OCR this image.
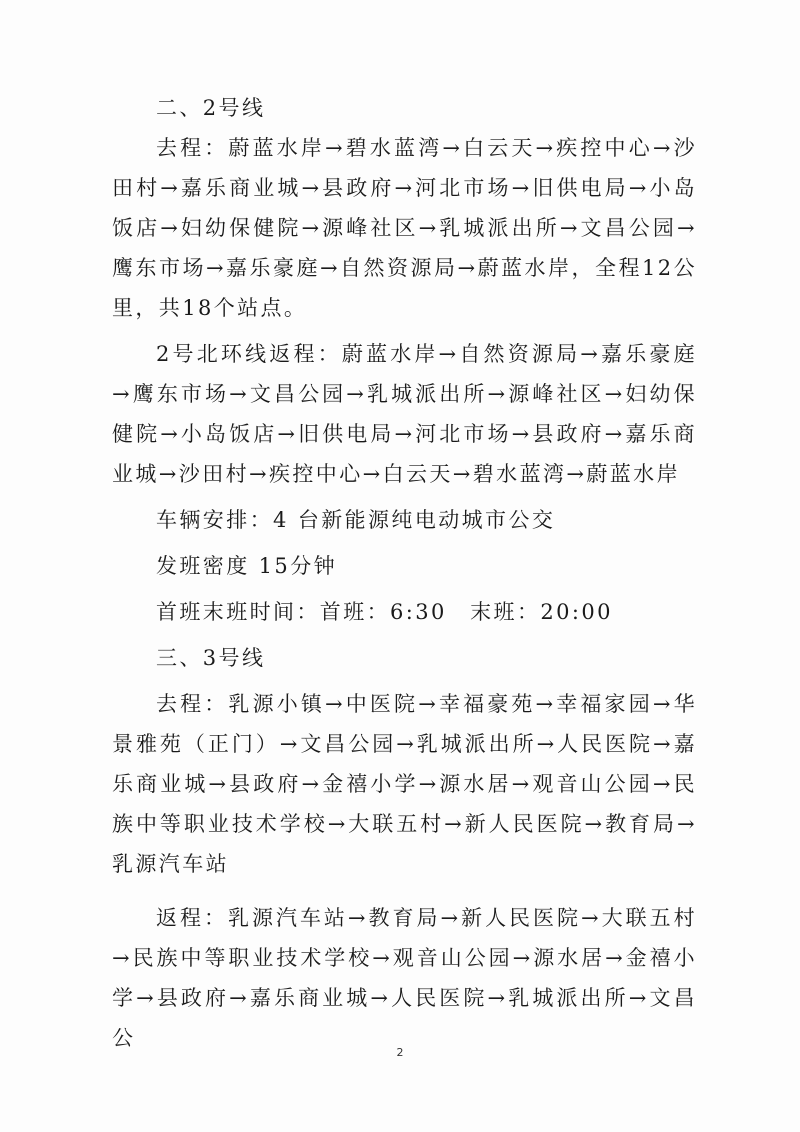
二、2号线

去程：蔚蓝水岸→碧水蓝湾→白云天→疾控中心→沙田村→嘉乐商业城→县政府→河北市场→旧供电局→小岛饭店→妇幼保健院→源峰社区→乳城派出所→文昌公园→鹰东市场→嘉乐豪庭→自然资源局→蔚蓝水岸，全程12公里，共18个站点。

2号北环线返程：蔚蓝水岸→自然资源局→嘉乐豪庭→鹰东市场→文昌公园→乳城派出所→源峰社区→妇幼保健院→小岛饭店→旧供电局→河北市场→县政府→嘉乐商业城→沙田村→疾控中心→白云天→碧水蓝湾→蔚蓝水岸

车辆安排：4 台新能源纯电动城市公交

发班密度 15分钟

首班末班时间：首班：6:30　末班：20:00

三、3号线

去程：乳源小镇→中医院→幸福豪苑→幸福家园→华景雅苑（正门）→文昌公园→乳城派出所→人民医院→嘉乐商业城→县政府→金禧小学→源水居→观音山公园→民族中等职业技术学校→大联五村→新人民医院→教育局→乳源汽车站

返程：乳源汽车站→教育局→新人民医院→大联五村→民族中等职业技术学校→观音山公园→源水居→金禧小学→县政府→嘉乐商业城→人民医院→乳城派出所→文昌公

2
